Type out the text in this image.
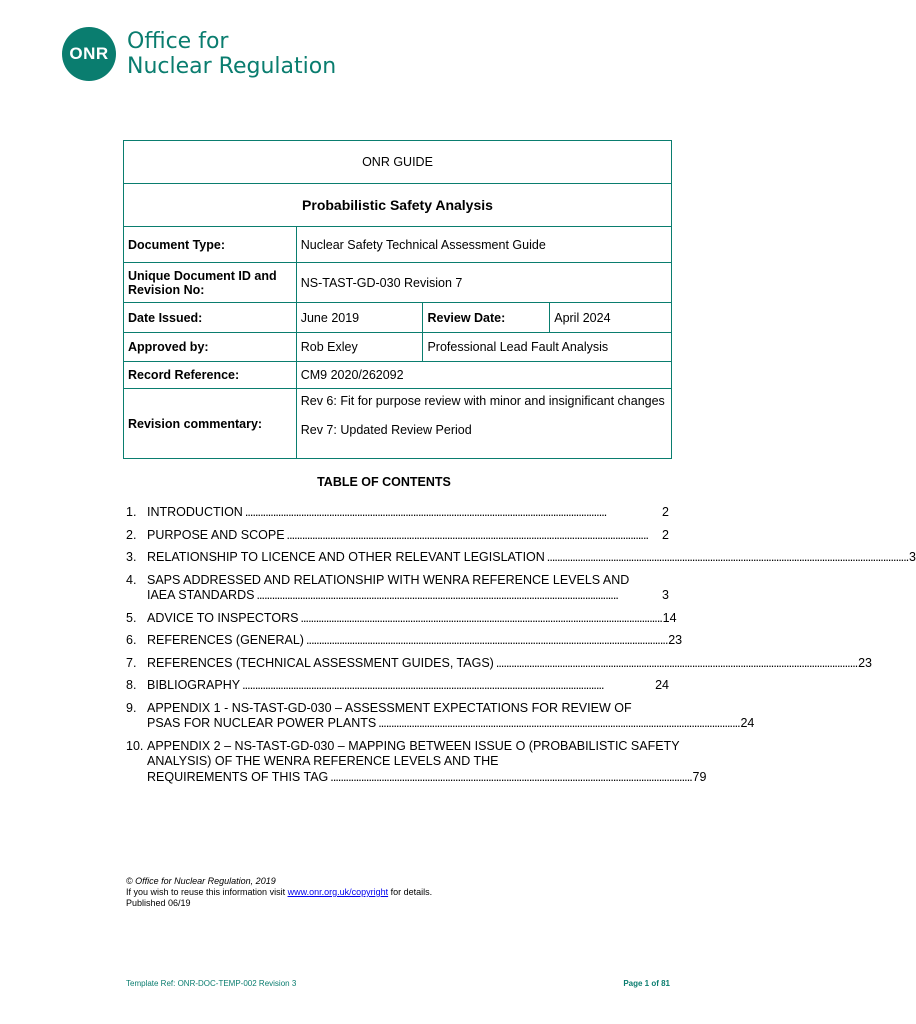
ONR Office for
Nuclear Regulation
ONR GUIDE			
Probabilistic Safety Analysis			
Document Type:	Nuclear Safety Technical Assessment Guide		
Unique Document ID and Revision No:	NS-TAST-GD-030 Revision 7		
Date Issued:	June 2019	Review Date:	April 2024
Approved by:	Rob Exley	Professional Lead Fault Analysis	
Record Reference:	CM9 2020/262092		
Revision commentary:	Rev 6: Fit for purpose review with minor and insignificant changes
Rev 7: Updated Review Period		
TABLE OF CONTENTS
1. INTRODUCTION . . .	2
2. PURPOSE AND SCOPE . . .	2
3. RELATIONSHIP TO LICENCE AND OTHER RELEVANT LEGISLATION . . .	3
4. SAPS ADDRESSED AND RELATIONSHIP WITH WENRA REFERENCE LEVELS AND
IAEA STANDARDS . . .	3
5. ADVICE TO INSPECTORS . . .	14
6. REFERENCES (GENERAL) . . .	23
7. REFERENCES (TECHNICAL ASSESSMENT GUIDES, TAGS) . . .	23
8. BIBLIOGRAPHY . . .	24
9. APPENDIX 1 - NS-TAST-GD-030 – ASSESSMENT EXPECTATIONS FOR REVIEW OF
PSAS FOR NUCLEAR POWER PLANTS . . .	24
10. APPENDIX 2 – NS-TAST-GD-030 – MAPPING BETWEEN ISSUE O (PROBABILISTIC SAFETY ANALYSIS) OF THE WENRA REFERENCE LEVELS AND THE
REQUIREMENTS OF THIS TAG . . .	79
© Office for Nuclear Regulation, 2019
If you wish to reuse this information visit www.onr.org.uk/copyright for details.
Published 06/19
Template Ref: ONR-DOC-TEMP-002 Revision 3	Page 1 of 81
